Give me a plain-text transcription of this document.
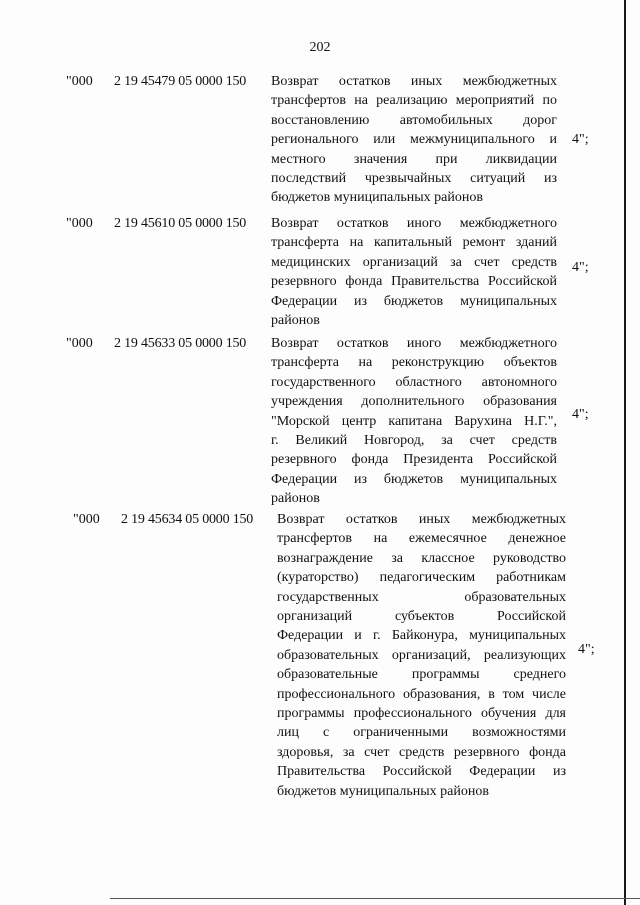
202
"000 2 19 45479 05 0000 150 Возврат остатков иных межбюджетных
трансфертов на реализацию мероприятий по
восстановлению автомобильных дорог
регионального или межмуниципального и
местного значения при ликвидации
последствий чрезвычайных ситуаций из
бюджетов муниципальных районов
4";
"000 2 19 45610 05 0000 150 Возврат остатков иного межбюджетного
трансферта на капитальный ремонт зданий
медицинских организаций за счет средств
резервного фонда Правительства Российской
Федерации из бюджетов муниципальных
районов
4";
"000 2 19 45633 05 0000 150 Возврат остатков иного межбюджетного
трансферта на реконструкцию объектов
государственного областного автономного
учреждения дополнительного образования
"Морской центр капитана Варухина Н.Г.",
г. Великий Новгород, за счет средств
резервного фонда Президента Российской
Федерации из бюджетов муниципальных
районов
4";
"000 2 19 45634 05 0000 150 Возврат остатков иных межбюджетных
трансфертов на ежемесячное денежное
вознаграждение за классное руководство
(кураторство) педагогическим работникам
государственных образовательных
организаций субъектов Российской
Федерации и г. Байконура, муниципальных
образовательных организаций, реализующих
образовательные программы среднего
профессионального образования, в том числе
программы профессионального обучения для
лиц с ограниченными возможностями
здоровья, за счет средств резервного фонда
Правительства Российской Федерации из
бюджетов муниципальных районов
4";
